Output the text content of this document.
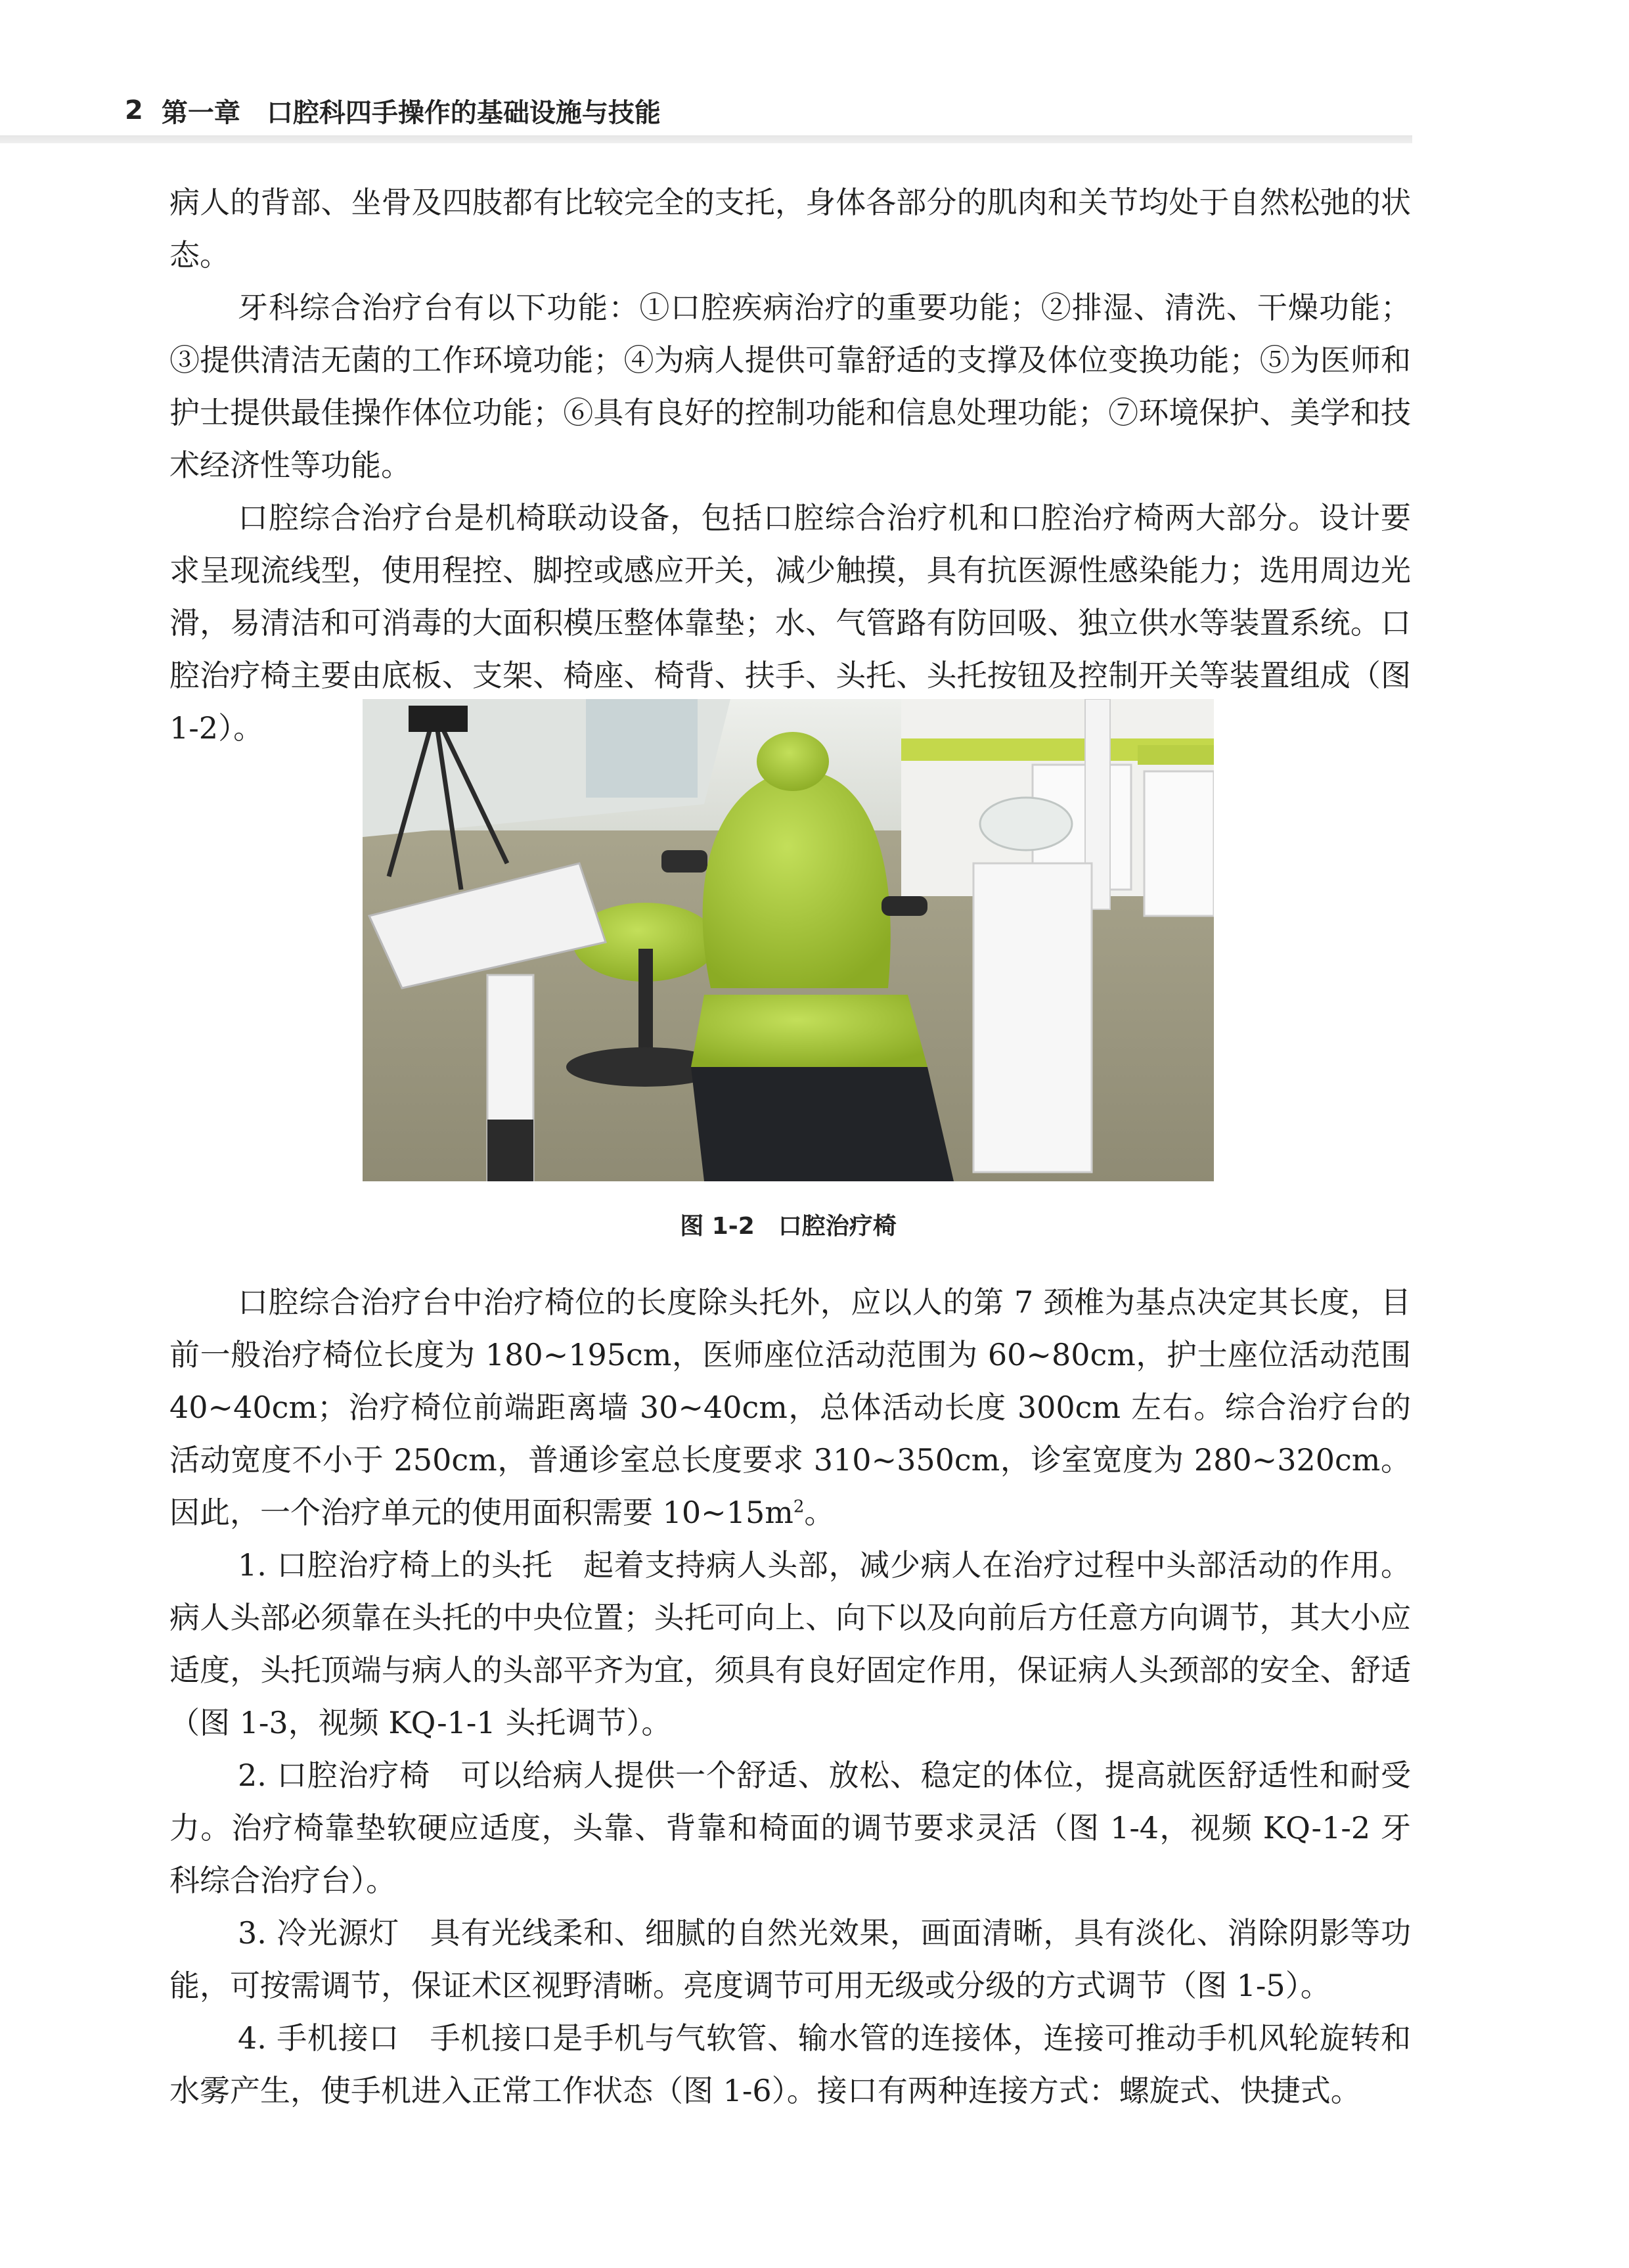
2 第一章 口腔科四手操作的基础设施与技能

病人的背部、坐骨及四肢都有比较完全的支托，身体各部分的肌肉和关节均处于自然松弛的状态。

牙科综合治疗台有以下功能：①口腔疾病治疗的重要功能；②排湿、清洗、干燥功能；③提供清洁无菌的工作环境功能；④为病人提供可靠舒适的支撑及体位变换功能；⑤为医师和护士提供最佳操作体位功能；⑥具有良好的控制功能和信息处理功能；⑦环境保护、美学和技术经济性等功能。

口腔综合治疗台是机椅联动设备，包括口腔综合治疗机和口腔治疗椅两大部分。设计要求呈现流线型，使用程控、脚控或感应开关，减少触摸，具有抗医源性感染能力；选用周边光滑，易清洁和可消毒的大面积模压整体靠垫；水、气管路有防回吸、独立供水等装置系统。口腔治疗椅主要由底板、支架、椅座、椅背、扶手、头托、头托按钮及控制开关等装置组成（图 1-2）。

图 1-2 口腔治疗椅

口腔综合治疗台中治疗椅位的长度除头托外，应以人的第 7 颈椎为基点决定其长度，目前一般治疗椅位长度为 180~195cm，医师座位活动范围为 60~80cm，护士座位活动范围 40~40cm；治疗椅位前端距离墙 30~40cm，总体活动长度 300cm 左右。综合治疗台的活动宽度不小于 250cm，普通诊室总长度要求 310~350cm，诊室宽度为 280~320cm。因此，一个治疗单元的使用面积需要 $10\sim 15m^2$。

1. 口腔治疗椅上的头托　起着支持病人头部，减少病人在治疗过程中头部活动的作用。病人头部必须靠在头托的中央位置；头托可向上、向下以及向前后方任意方向调节，其大小应适度，头托顶端与病人的头部平齐为宜，须具有良好固定作用，保证病人头颈部的安全、舒适（图 1-3，视频 KQ-1-1 头托调节）。

2. 口腔治疗椅　可以给病人提供一个舒适、放松、稳定的体位，提高就医舒适性和耐受力。治疗椅靠垫软硬应适度，头靠、背靠和椅面的调节要求灵活（图 1-4，视频 KQ-1-2 牙科综合治疗台）。

3. 冷光源灯　具有光线柔和、细腻的自然光效果，画面清晰，具有淡化、消除阴影等功能，可按需调节，保证术区视野清晰。亮度调节可用无级或分级的方式调节（图 1-5）。

4. 手机接口　手机接口是手机与气软管、输水管的连接体，连接可推动手机风轮旋转和水雾产生，使手机进入正常工作状态（图 1-6）。接口有两种连接方式：螺旋式、快捷式。
